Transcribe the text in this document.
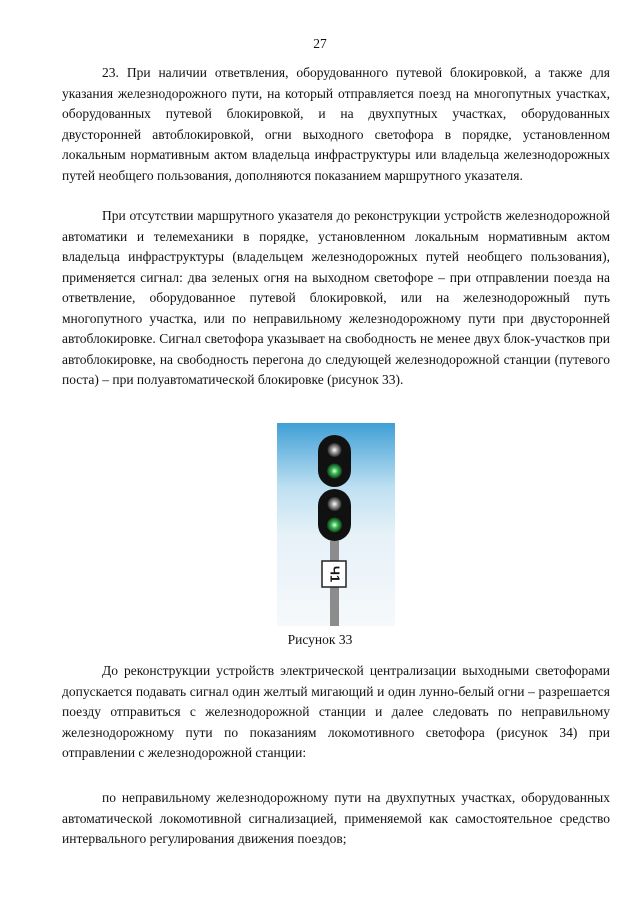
27

23. При наличии ответвления, оборудованного путевой блокировкой, а также для указания железнодорожного пути, на который отправляется поезд на многопутных участках, оборудованных путевой блокировкой, и на двухпутных участках, оборудованных двусторонней автоблокировкой, огни выходного светофора в порядке, установленном локальным нормативным актом владельца инфраструктуры или владельца железнодорожных путей необщего пользования, дополняются показанием маршрутного указателя.

При отсутствии маршрутного указателя до реконструкции устройств железнодорожной автоматики и телемеханики в порядке, установленном локальным нормативным актом владельца инфраструктуры (владельцем железнодорожных путей необщего пользования), применяется сигнал: два зеленых огня на выходном светофоре – при отправлении поезда на ответвление, оборудованное путевой блокировкой, или на железнодорожный путь многопутного участка, или по неправильному железнодорожному пути при двусторонней автоблокировке. Сигнал светофора указывает на свободность не менее двух блок-участков при автоблокировке, на свободность перегона до следующей железнодорожной станции (путевого поста) – при полуавтоматической блокировке (рисунок 33).

Ч1
Рисунок 33

До реконструкции устройств электрической централизации выходными светофорами допускается подавать сигнал один желтый мигающий и один лунно-белый огни – разрешается поезду отправиться с железнодорожной станции и далее следовать по неправильному железнодорожному пути по показаниям локомотивного светофора (рисунок 34) при отправлении с железнодорожной станции:

по неправильному железнодорожному пути на двухпутных участках, оборудованных автоматической локомотивной сигнализацией, применяемой как самостоятельное средство интервального регулирования движения поездов;
